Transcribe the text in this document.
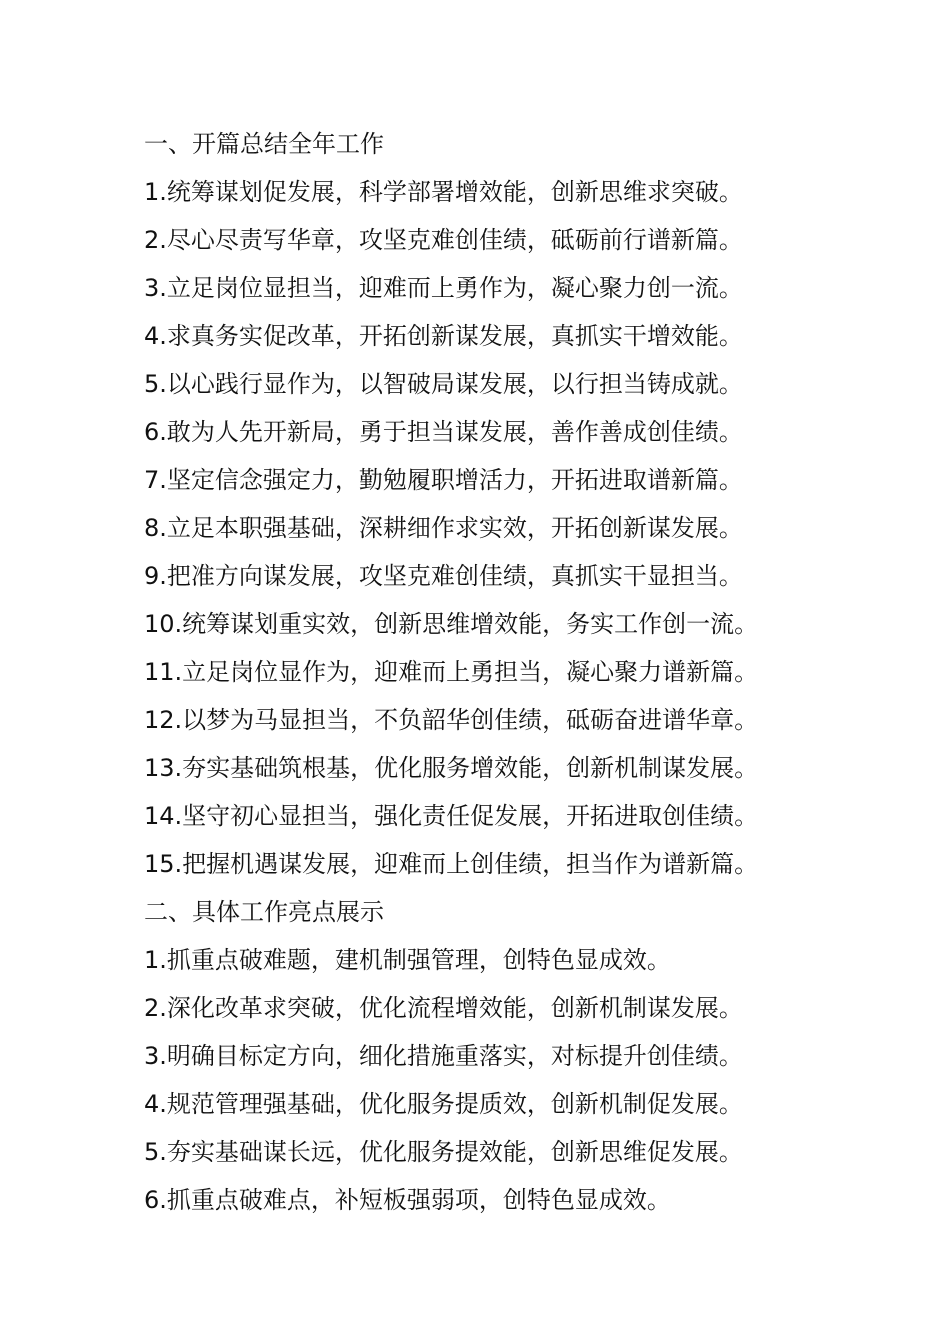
一、开篇总结全年工作
1.统筹谋划促发展，科学部署增效能，创新思维求突破。
2.尽心尽责写华章，攻坚克难创佳绩，砥砺前行谱新篇。
3.立足岗位显担当，迎难而上勇作为，凝心聚力创一流。
4.求真务实促改革，开拓创新谋发展，真抓实干增效能。
5.以心践行显作为，以智破局谋发展，以行担当铸成就。
6.敢为人先开新局，勇于担当谋发展，善作善成创佳绩。
7.坚定信念强定力，勤勉履职增活力，开拓进取谱新篇。
8.立足本职强基础，深耕细作求实效，开拓创新谋发展。
9.把准方向谋发展，攻坚克难创佳绩，真抓实干显担当。
10.统筹谋划重实效，创新思维增效能，务实工作创一流。
11.立足岗位显作为，迎难而上勇担当，凝心聚力谱新篇。
12.以梦为马显担当，不负韶华创佳绩，砥砺奋进谱华章。
13.夯实基础筑根基，优化服务增效能，创新机制谋发展。
14.坚守初心显担当，强化责任促发展，开拓进取创佳绩。
15.把握机遇谋发展，迎难而上创佳绩，担当作为谱新篇。
二、具体工作亮点展示
1.抓重点破难题，建机制强管理，创特色显成效。
2.深化改革求突破，优化流程增效能，创新机制谋发展。
3.明确目标定方向，细化措施重落实，对标提升创佳绩。
4.规范管理强基础，优化服务提质效，创新机制促发展。
5.夯实基础谋长远，优化服务提效能，创新思维促发展。
6.抓重点破难点，补短板强弱项，创特色显成效。
